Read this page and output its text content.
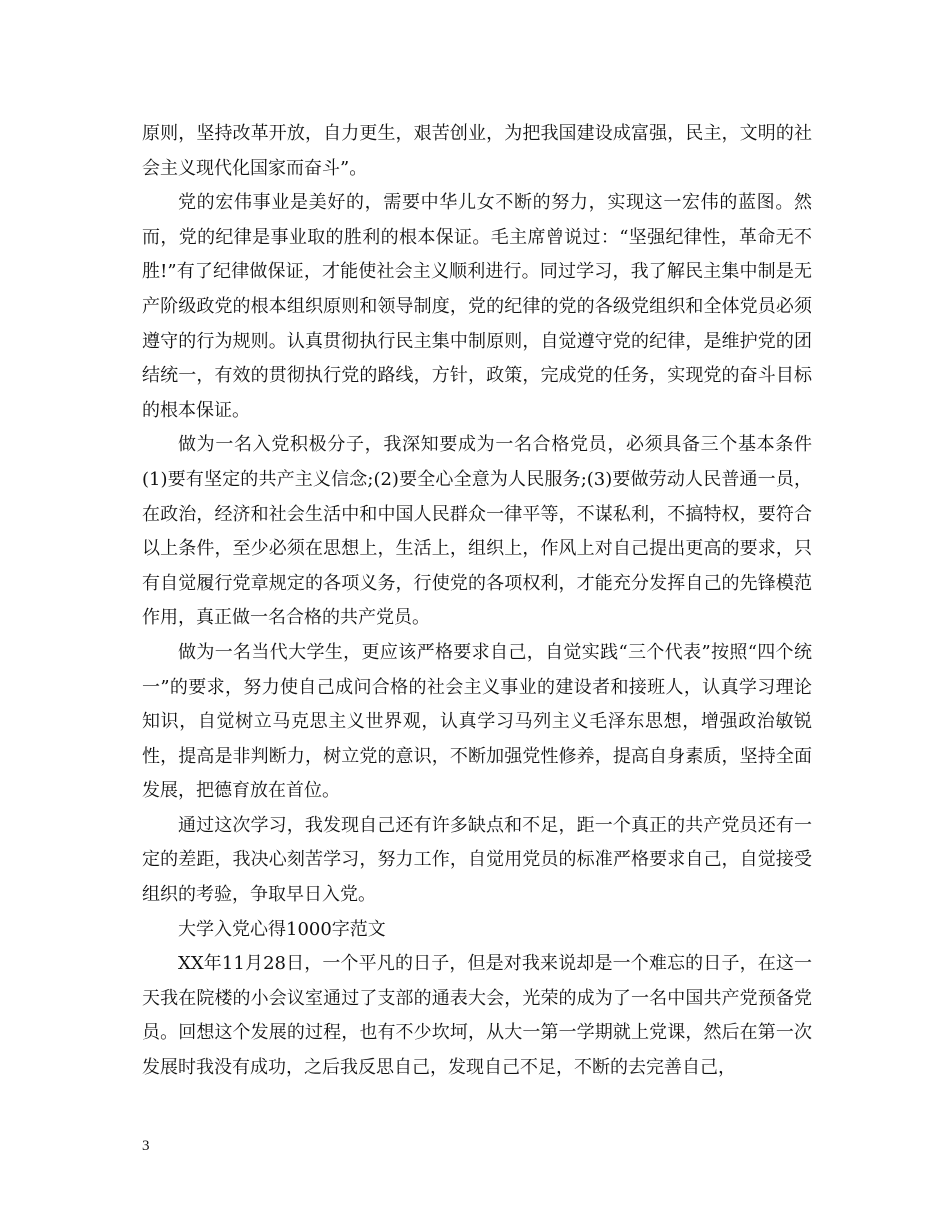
原则，坚持改革开放，自力更生，艰苦创业，为把我国建设成富强，民主，文明的社会主义现代化国家而奋斗”。

党的宏伟事业是美好的，需要中华儿女不断的努力，实现这一宏伟的蓝图。然而，党的纪律是事业取的胜利的根本保证。毛主席曾说过：“坚强纪律性，革命无不胜!”有了纪律做保证，才能使社会主义顺利进行。同过学习，我了解民主集中制是无产阶级政党的根本组织原则和领导制度，党的纪律的党的各级党组织和全体党员必须遵守的行为规则。认真贯彻执行民主集中制原则，自觉遵守党的纪律，是维护党的团结统一，有效的贯彻执行党的路线，方针，政策，完成党的任务，实现党的奋斗目标的根本保证。

做为一名入党积极分子，我深知要成为一名合格党员，必须具备三个基本条件(1)要有坚定的共产主义信念;(2)要全心全意为人民服务;(3)要做劳动人民普通一员，在政治，经济和社会生活中和中国人民群众一律平等，不谋私利，不搞特权，要符合以上条件，至少必须在思想上，生活上，组织上，作风上对自己提出更高的要求，只有自觉履行党章规定的各项义务，行使党的各项权利，才能充分发挥自己的先锋模范作用，真正做一名合格的共产党员。

做为一名当代大学生，更应该严格要求自己，自觉实践“三个代表”按照“四个统一”的要求，努力使自己成问合格的社会主义事业的建设者和接班人，认真学习理论知识，自觉树立马克思主义世界观，认真学习马列主义毛泽东思想，增强政治敏锐性，提高是非判断力，树立党的意识，不断加强党性修养，提高自身素质，坚持全面发展，把德育放在首位。

通过这次学习，我发现自己还有许多缺点和不足，距一个真正的共产党员还有一定的差距，我决心刻苦学习，努力工作，自觉用党员的标准严格要求自己，自觉接受组织的考验，争取早日入党。

大学入党心得1000字范文

XX年11月28日，一个平凡的日子，但是对我来说却是一个难忘的日子，在这一天我在院楼的小会议室通过了支部的通表大会，光荣的成为了一名中国共产党预备党员。回想这个发展的过程，也有不少坎坷，从大一第一学期就上党课，然后在第一次发展时我没有成功，之后我反思自己，发现自己不足，不断的去完善自己，

3
